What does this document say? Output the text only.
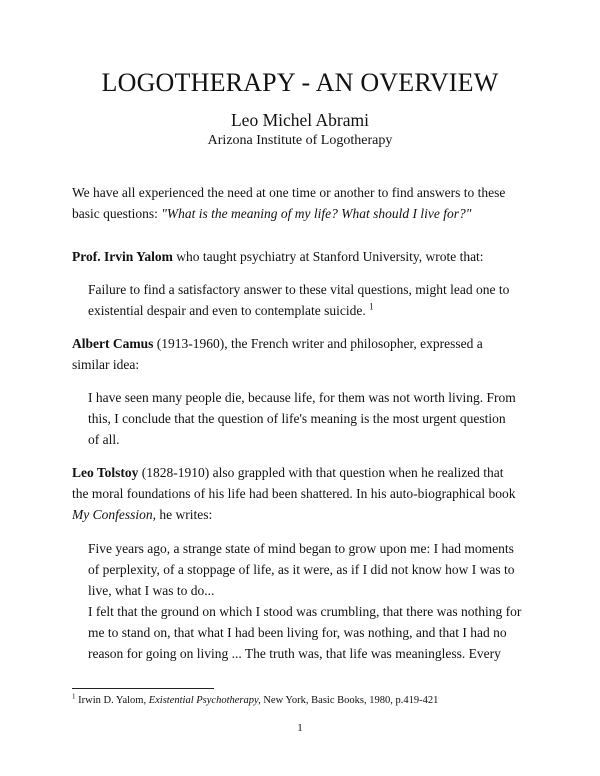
LOGOTHERAPY - AN OVERVIEW
Leo Michel Abrami
Arizona Institute of Logotherapy

We have all experienced the need at one time or another to find answers to these
basic questions: "What is the meaning of my life? What should I live for?"

Prof. Irvin Yalom who taught psychiatry at Stanford University, wrote that:

Failure to find a satisfactory answer to these vital questions, might lead one to
existential despair and even to contemplate suicide. $^1$

Albert Camus (1913-1960), the French writer and philosopher, expressed a
similar idea:

I have seen many people die, because life, for them was not worth living. From
this, I conclude that the question of life's meaning is the most urgent question
of all.

Leo Tolstoy (1828-1910) also grappled with that question when he realized that
the moral foundations of his life had been shattered. In his auto-biographical book
My Confession, he writes:

Five years ago, a strange state of mind began to grow upon me: I had moments
of perplexity, of a stoppage of life, as it were, as if I did not know how I was to
live, what I was to do...
I felt that the ground on which I stood was crumbling, that there was nothing for
me to stand on, that what I had been living for, was nothing, and that I had no
reason for going on living ... The truth was, that life was meaningless. Every

$^1$ Irwin D. Yalom, Existential Psychotherapy, New York, Basic Books, 1980, p.419-421
1
